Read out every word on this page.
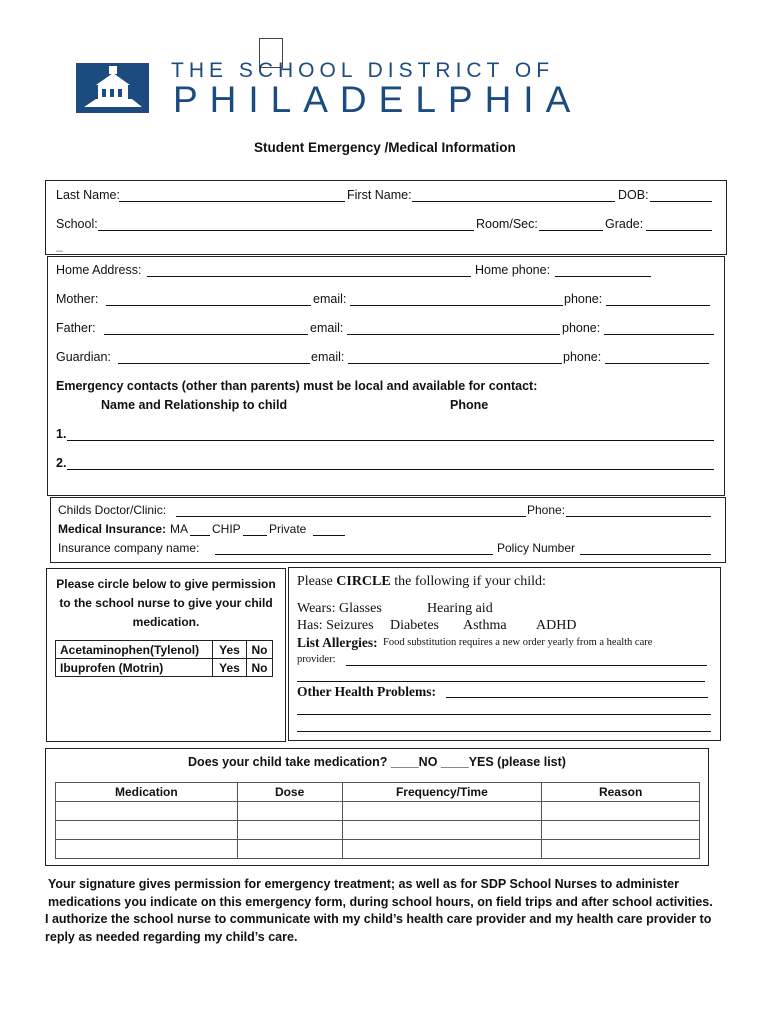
THE SCHOOL DISTRICT OF
PHILADELPHIA
Student Emergency /Medical Information
Last Name:	First Name:	DOB:
School:	Room/Sec:	Grade:
_
Home Address:	Home phone:
Mother:	email:	phone:
Father:	email:	phone:
Guardian:	email:	phone:
Emergency contacts (other than parents) must be local and available for contact:
Name and Relationship to child	Phone
1.
2.
Childs Doctor/Clinic:	Phone:
Medical Insurance: MA CHIP Private
Insurance company name:	Policy Number
Please circle below to give permission
to the school nurse to give your child
medication.
Acetaminophen(Tylenol)	Yes	No
Ibuprofen (Motrin)	Yes	No
Please CIRCLE the following if your child:
Wears: Glasses	Hearing aid
Has: Seizures Diabetes Asthma ADHD
List Allergies: Food substitution requires a new order yearly from a health care
provider:
Other Health Problems:
Does your child take medication? ____NO ____YES (please list)
Medication	Dose	Frequency/Time	Reason

Your signature gives permission for emergency treatment; as well as for SDP School Nurses to administer medications you indicate on this emergency form, during school hours, on field trips and after school activities.
I authorize the school nurse to communicate with my child’s health care provider and my health care provider to reply as needed regarding my child’s care.
